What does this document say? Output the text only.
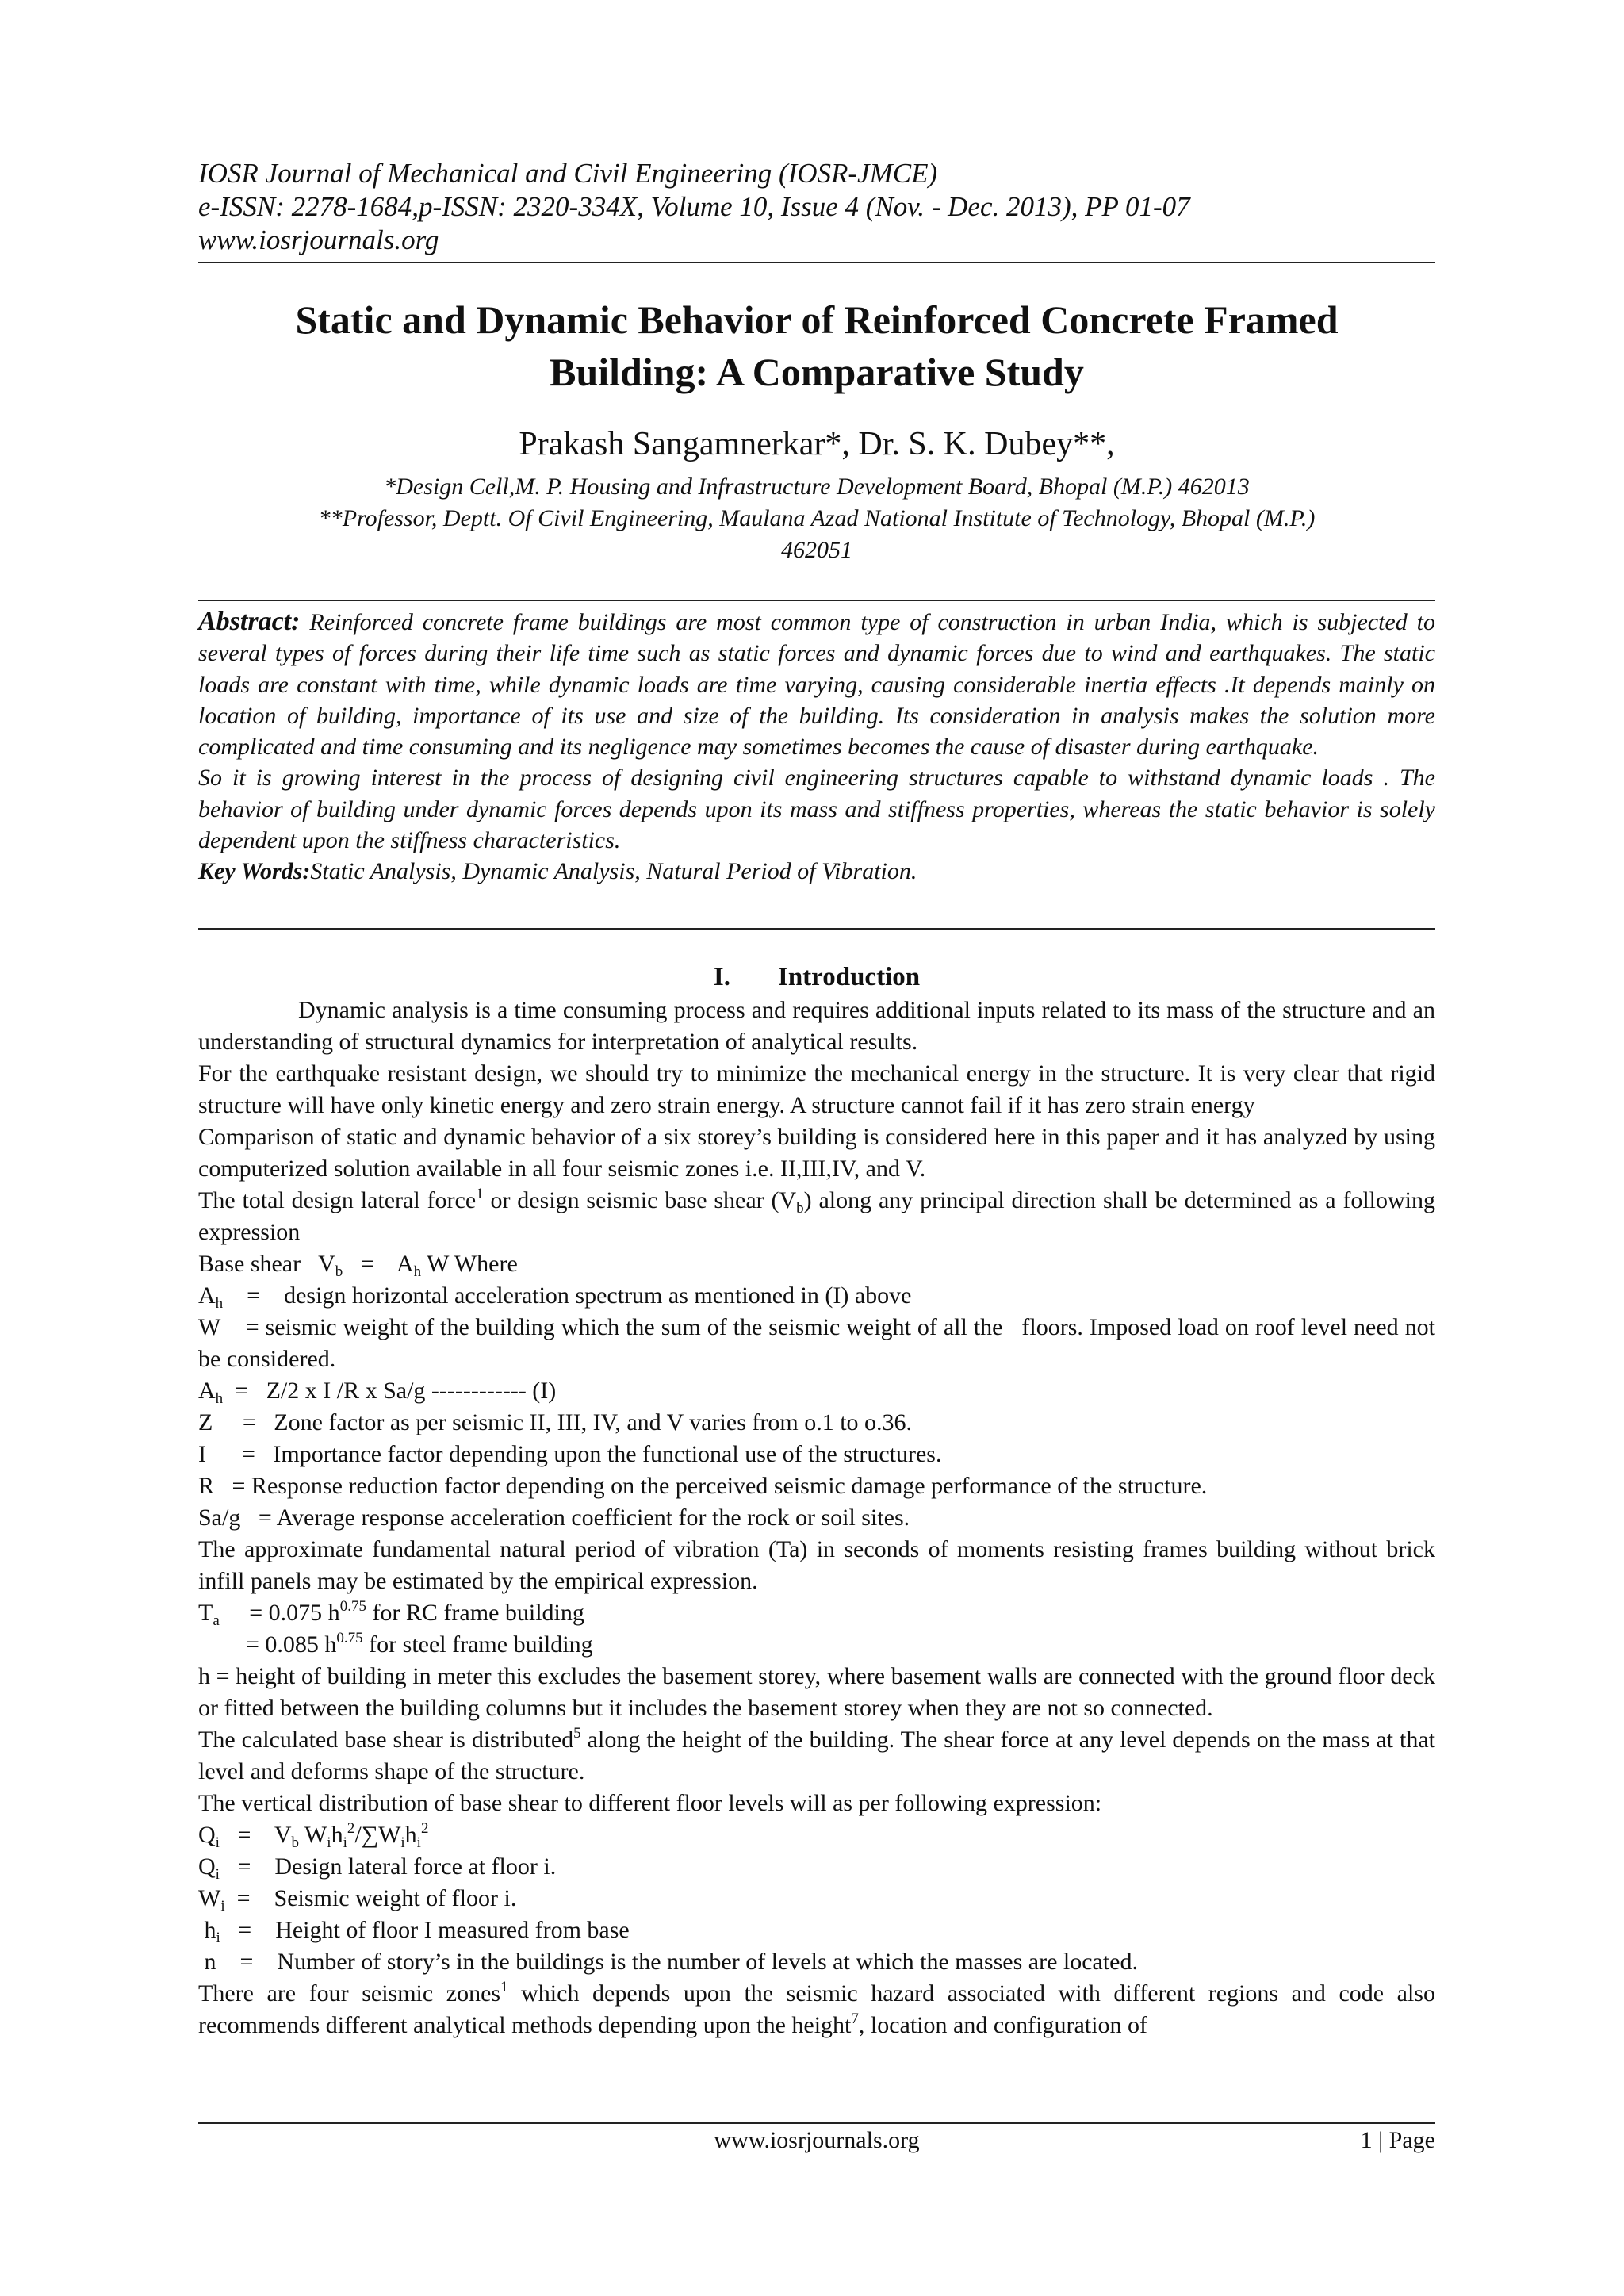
IOSR Journal of Mechanical and Civil Engineering (IOSR-JMCE)
e-ISSN: 2278-1684,p-ISSN: 2320-334X, Volume 10, Issue 4 (Nov. - Dec. 2013), PP 01-07
www.iosrjournals.org
Static and Dynamic Behavior of Reinforced Concrete Framed
Building: A Comparative Study
Prakash Sangamnerkar*, Dr. S. K. Dubey**,
*Design Cell,M. P. Housing and Infrastructure Development Board, Bhopal (M.P.) 462013
**Professor, Deptt. Of Civil Engineering, Maulana Azad National Institute of Technology, Bhopal (M.P.)
462051

Abstract: Reinforced concrete frame buildings are most common type of construction in urban India, which is subjected to several types of forces during their life time such as static forces and dynamic forces due to wind and earthquakes. The static loads are constant with time, while dynamic loads are time varying, causing considerable inertia effects .It depends mainly on location of building, importance of its use and size of the building. Its consideration in analysis makes the solution more complicated and time consuming and its negligence may sometimes becomes the cause of disaster during earthquake.

So it is growing interest in the process of designing civil engineering structures capable to withstand dynamic loads . The behavior of building under dynamic forces depends upon its mass and stiffness properties, whereas the static behavior is solely dependent upon the stiffness characteristics.

Key Words:Static Analysis, Dynamic Analysis, Natural Period of Vibration.

I. Introduction

Dynamic analysis is a time consuming process and requires additional inputs related to its mass of the structure and an understanding of structural dynamics for interpretation of analytical results.

For the earthquake resistant design, we should try to minimize the mechanical energy in the structure. It is very clear that rigid structure will have only kinetic energy and zero strain energy. A structure cannot fail if it has zero strain energy

Comparison of static and dynamic behavior of a six storey’s building is considered here in this paper and it has analyzed by using computerized solution available in all four seismic zones i.e. II,III,IV, and V.

The total design lateral force$^1$ or design seismic base shear $(V_b)$ along any principal direction shall be determined as a following expression

Base shear   $V_b$   =    $A_h$ W Where

$A_h$    =    design horizontal acceleration spectrum as mentioned in (I) above

W    = seismic weight of the building which the sum of the seismic weight of all the   floors. Imposed load on roof level need not be considered.

$A_h = Z/2$ x I /R x Sa/g ------------ (I)

Z     =   Zone factor as per seismic II, III, IV, and V varies from o.1 to o.36.

I      =   Importance factor depending upon the functional use of the structures.

R   = Response reduction factor depending on the perceived seismic damage performance of the structure.

Sa/g   = Average response acceleration coefficient for the rock or soil sites.

The approximate fundamental natural period of vibration (Ta) in seconds of moments resisting frames building without brick infill panels may be estimated by the empirical expression.

$T_a$     = 0.075 $h^{0.75}$ for RC frame building

= 0.085 $h^{0.75}$ for steel frame building

h = height of building in meter this excludes the basement storey, where basement walls are connected with the ground floor deck or fitted between the building columns but it includes the basement storey when they are not so connected.

The calculated base shear is distributed$^5$ along the height of the building. The shear force at any level depends on the mass at that level and deforms shape of the structure.

The vertical distribution of base shear to different floor levels will as per following expression:

$Q_i$   =    $V_b$ $W_ih_i^2/\sum W_ih_i^2$

$Q_i$   =    Design lateral force at floor i.

$W_i$  =    Seismic weight of floor i.

$h_i$   =    Height of floor I measured from base

n    =    Number of story’s in the buildings is the number of levels at which the masses are located.

There are four seismic zones$^1$ which depends upon the seismic hazard associated with different regions and code also recommends different analytical methods depending upon the height$^7$, location and configuration of

www.iosrjournals.org	1 | Page
